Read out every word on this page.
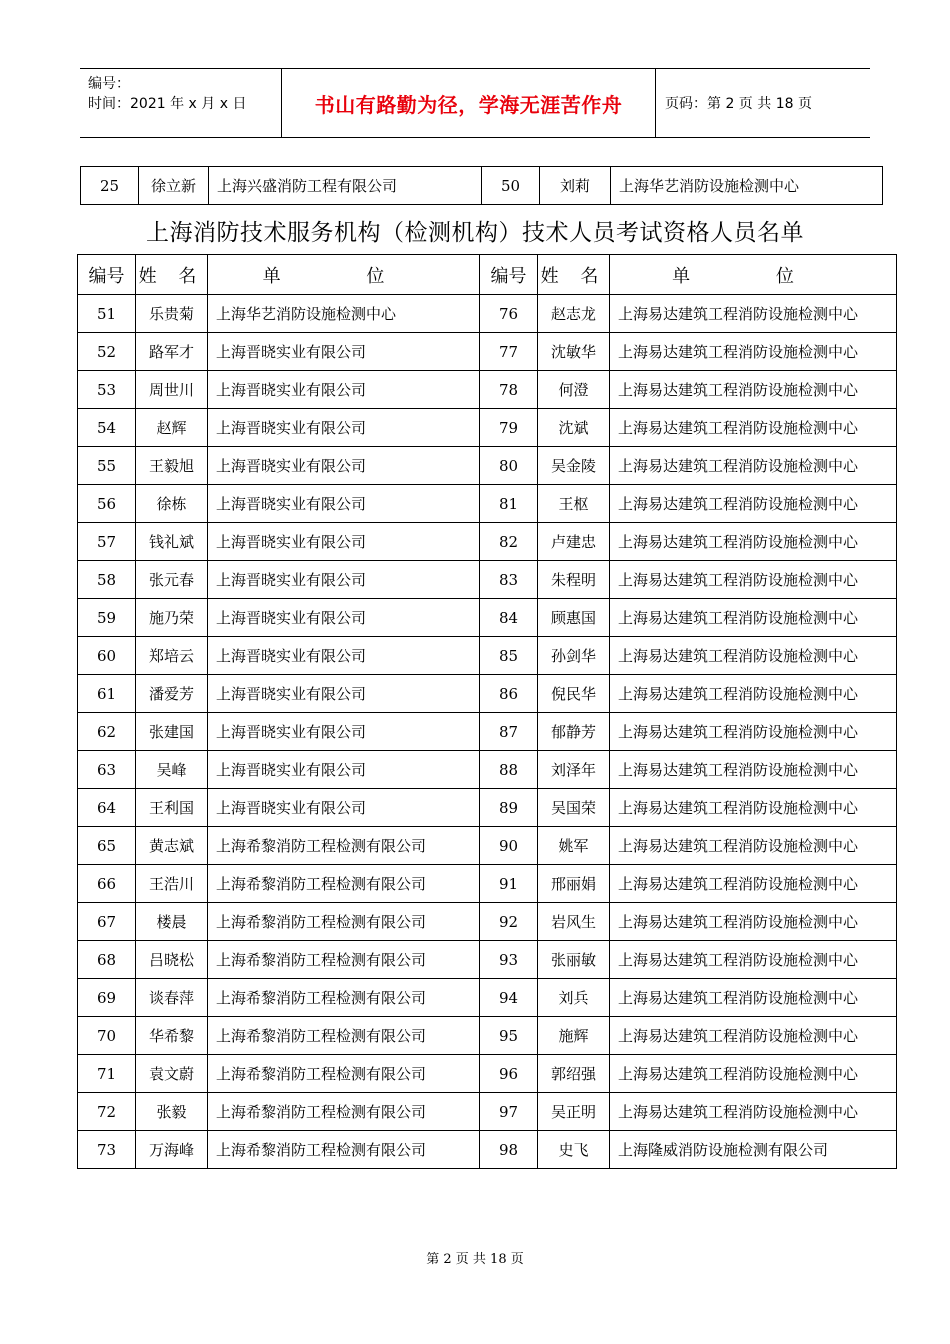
编号：
时间：2021 年 x 月 x 日	书山有路勤为径，学海无涯苦作舟	页码：第 2 页 共 18 页
25	徐立新	上海兴盛消防工程有限公司	50	刘莉	上海华艺消防设施检测中心
上海消防技术服务机构（检测机构）技术人员考试资格人员名单
编号	姓 名	单 位	编号	姓 名	单 位
51	乐贵菊	上海华艺消防设施检测中心	76	赵志龙	上海易达建筑工程消防设施检测中心
52	路军才	上海晋晓实业有限公司	77	沈敏华	上海易达建筑工程消防设施检测中心
53	周世川	上海晋晓实业有限公司	78	何澄	上海易达建筑工程消防设施检测中心
54	赵辉	上海晋晓实业有限公司	79	沈斌	上海易达建筑工程消防设施检测中心
55	王毅旭	上海晋晓实业有限公司	80	吴金陵	上海易达建筑工程消防设施检测中心
56	徐栋	上海晋晓实业有限公司	81	王枢	上海易达建筑工程消防设施检测中心
57	钱礼斌	上海晋晓实业有限公司	82	卢建忠	上海易达建筑工程消防设施检测中心
58	张元春	上海晋晓实业有限公司	83	朱程明	上海易达建筑工程消防设施检测中心
59	施乃荣	上海晋晓实业有限公司	84	顾惠国	上海易达建筑工程消防设施检测中心
60	郑培云	上海晋晓实业有限公司	85	孙剑华	上海易达建筑工程消防设施检测中心
61	潘爱芳	上海晋晓实业有限公司	86	倪民华	上海易达建筑工程消防设施检测中心
62	张建国	上海晋晓实业有限公司	87	郁静芳	上海易达建筑工程消防设施检测中心
63	吴峰	上海晋晓实业有限公司	88	刘泽年	上海易达建筑工程消防设施检测中心
64	王利国	上海晋晓实业有限公司	89	吴国荣	上海易达建筑工程消防设施检测中心
65	黄志斌	上海希黎消防工程检测有限公司	90	姚军	上海易达建筑工程消防设施检测中心
66	王浩川	上海希黎消防工程检测有限公司	91	邢丽娟	上海易达建筑工程消防设施检测中心
67	楼晨	上海希黎消防工程检测有限公司	92	岩风生	上海易达建筑工程消防设施检测中心
68	吕晓松	上海希黎消防工程检测有限公司	93	张丽敏	上海易达建筑工程消防设施检测中心
69	谈春萍	上海希黎消防工程检测有限公司	94	刘兵	上海易达建筑工程消防设施检测中心
70	华希黎	上海希黎消防工程检测有限公司	95	施辉	上海易达建筑工程消防设施检测中心
71	袁文蔚	上海希黎消防工程检测有限公司	96	郭绍强	上海易达建筑工程消防设施检测中心
72	张毅	上海希黎消防工程检测有限公司	97	吴正明	上海易达建筑工程消防设施检测中心
73	万海峰	上海希黎消防工程检测有限公司	98	史飞	上海隆威消防设施检测有限公司
第 2 页 共 18 页
